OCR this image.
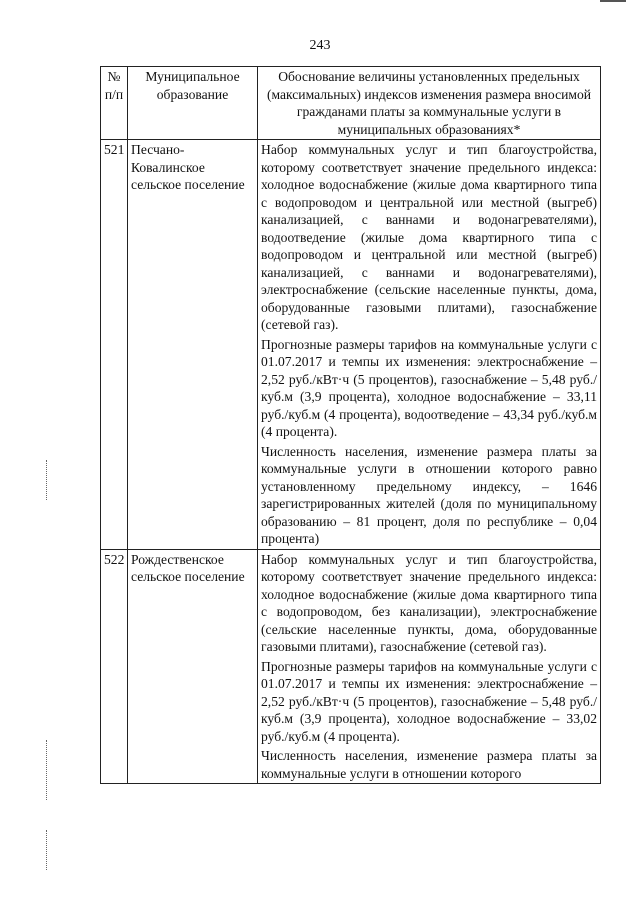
243
№ п/п	Муниципальное образование	Обоснование величины установленных предельных (максимальных) индексов изменения размера вносимой гражданами платы за коммунальные услуги в муниципальных образованиях*
521	Песчано-Ковалинское сельское поселение	Набор коммунальных услуг и тип благоустройства, которому соответствует значение предельного индекса: холодное водоснабжение (жилые дома квартирного типа с водопроводом и центральной или местной (выгреб) канализацией, с ваннами и водонагревателями), водоотведение (жилые дома квартирного типа с водопроводом и центральной или местной (выгреб) канализацией, с ваннами и водонагревателями), электроснабжение (сельские населенные пункты, дома, оборудованные газовыми плитами), газоснабжение (сетевой газ).

Прогнозные размеры тарифов на коммунальные услуги с 01.07.2017 и темпы их изменения: электроснабжение – 2,52 руб./кВт·ч (5 процентов), газоснабжение – 5,48 руб./куб.м (3,9 процента), холодное водоснабжение – 33,11 руб./куб.м (4 процента), водоотведение – 43,34 руб./куб.м (4 процента).

Численность населения, изменение размера платы за коммунальные услуги в отношении которого равно установленному предельному индексу, – 1646 зарегистрированных жителей (доля по муниципальному образованию – 81 процент, доля по республике – 0,04 процента)

522	Рождественское сельское поселение	Набор коммунальных услуг и тип благоустройства, которому соответствует значение предельного индекса: холодное водоснабжение (жилые дома квартирного типа с водопроводом, без канализации), электроснабжение (сельские населенные пункты, дома, оборудованные газовыми плитами), газоснабжение (сетевой газ).

Прогнозные размеры тарифов на коммунальные услуги с 01.07.2017 и темпы их изменения: электроснабжение – 2,52 руб./кВт·ч (5 процентов), газоснабжение – 5,48 руб./куб.м (3,9 процента), холодное водоснабжение – 33,02 руб./куб.м (4 процента).

Численность населения, изменение размера платы за коммунальные услуги в отношении которого
